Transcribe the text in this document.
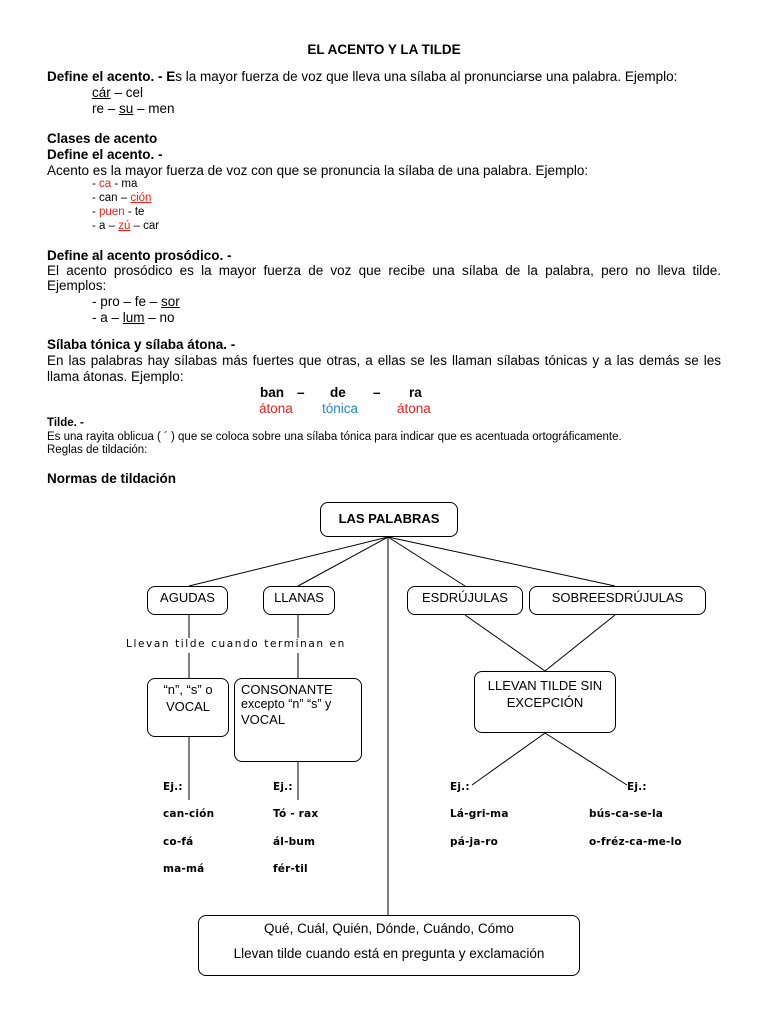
EL ACENTO Y LA TILDE
Define el acento. - Es la mayor fuerza de voz que lleva una sílaba al pronunciarse una palabra. Ejemplo:
cár – cel
re – su – men
Clases de acento
Define el acento. -
Acento es la mayor fuerza de voz con que se pronuncia la sílaba de una palabra. Ejemplo:
- ca - ma
- can – ción
- puen - te
- a – zú – car
Define al acento prosódico. -
El acento prosódico es la mayor fuerza de voz que recibe una sílaba de la palabra, pero no lleva tilde.
Ejemplos:
- pro – fe – sor
- a – lum – no
Sílaba tónica y sílaba átona. -
En las palabras hay sílabas más fuertes que otras, a ellas se les llaman sílabas tónicas y a las demás se les
llama átonas. Ejemplo:
ban – de – ra
átona tónica	átona
Tilde. -
Es una rayita oblicua ( ´ ) que se coloca sobre una sílaba tónica para indicar que es acentuada ortográficamente.
Reglas de tildación:
Normas de tildación
LAS PALABRAS
AGUDAS	LLANAS	ESDRÚJULAS	SOBREESDRÚJULAS
Llevan tilde cuando terminan en
“n”, “s” o
VOCAL
CONSONANTE
excepto “n” “s” y
VOCAL
LLEVAN TILDE SIN
EXCEPCIÓN
Ej.:
can-ción
co-fá
ma-má
Ej.:
Tó - rax
ál-bum
fér-til
Ej.:
Lá-gri-ma
pá-ja-ro
Ej.:
bús-ca-se-la
o-fréz-ca-me-lo
Qué, Cuál, Quién, Dónde, Cuándo, Cómo
Llevan tilde cuando está en pregunta y exclamación
